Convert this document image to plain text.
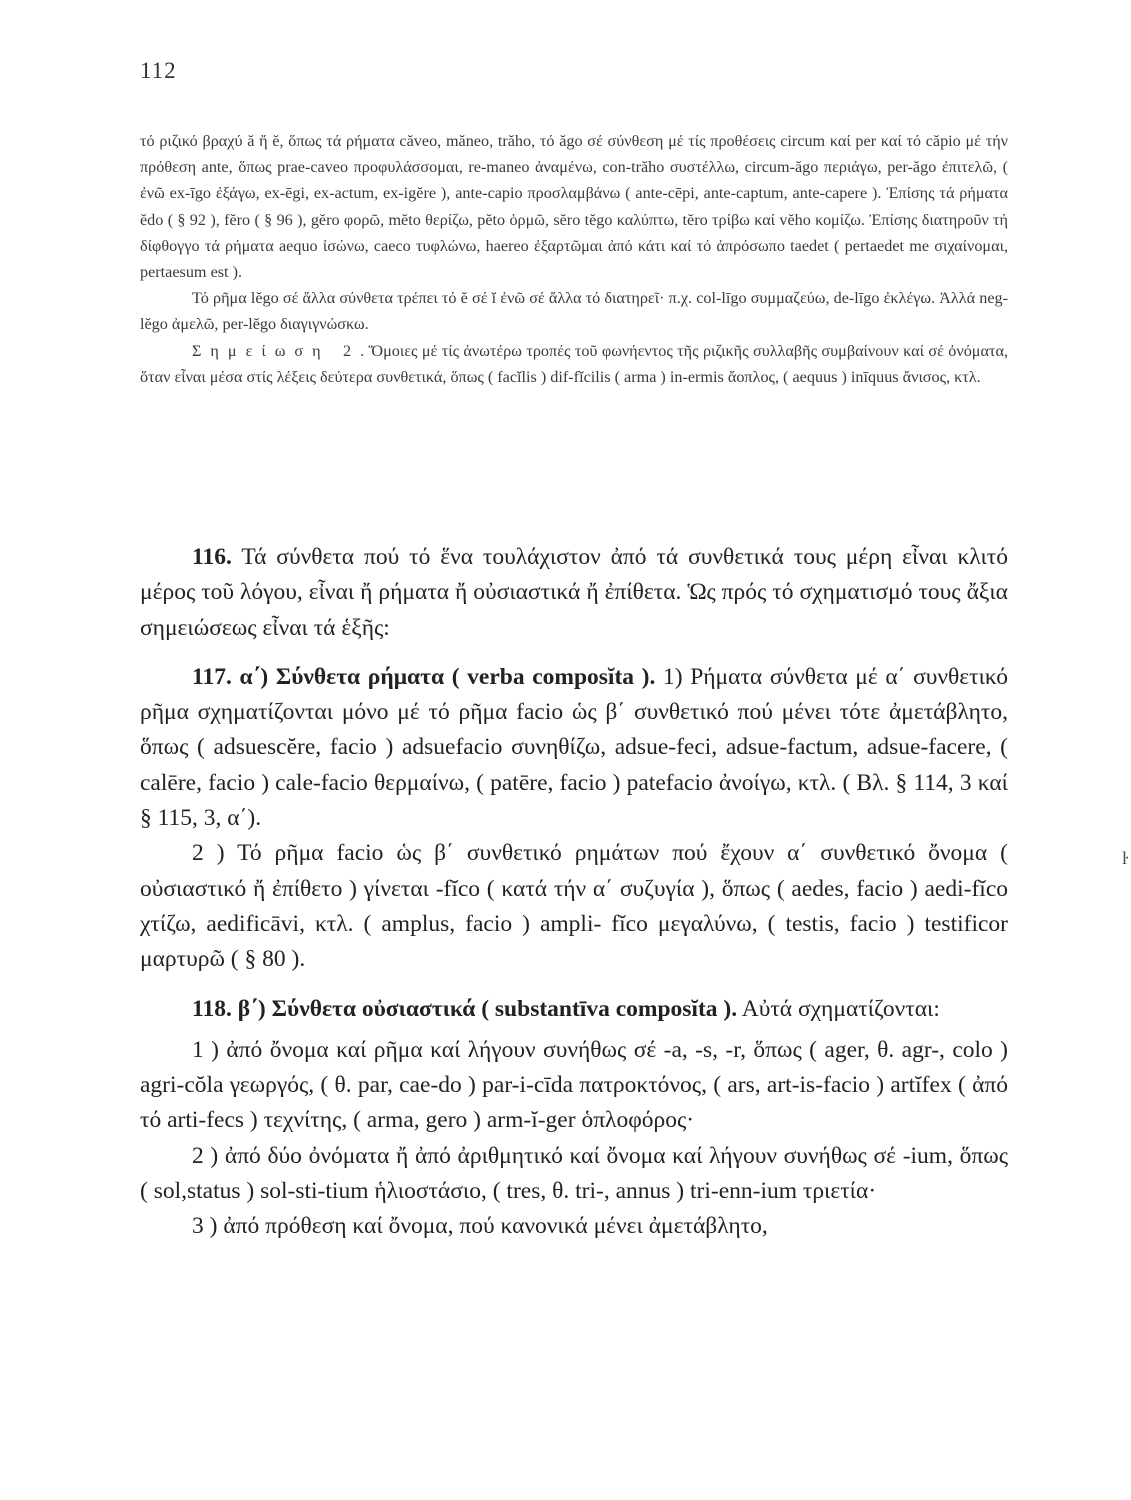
112

τό ριζικό βραχύ ă ἤ ĕ, ὅπως τά ρήματα căveo, măneo, trăho, τό ăgo σέ σύνθεση μέ τίς προθέσεις circum καί per καί τό căpio μέ τήν πρόθεση ante, ὅπως prae-caveo προφυλάσσομαι, re-maneo ἀναμένω, con-trăho συστέλλω, circum-ăgo περιάγω, per-ăgo ἐπιτελῶ, ( ἐνῶ ex-īgo ἐξάγω, ex-ēgi, ex-actum, ex-igĕre ), ante-capio προσλαμβάνω ( ante-cēpi, ante-captum, ante-capere ). Ἐπίσης τά ρήματα ĕdo ( § 92 ), fĕro ( § 96 ), gĕro φορῶ, mĕto θερίζω, pĕto ὁρμῶ, sĕro tĕgo καλύπτω, tĕro τρίβω καί vĕho κομίζω. Ἐπίσης διατηροῦν τή δίφθογγο τά ρήματα aequo ἰσώνω, caeco τυφλώνω, haereo ἐξαρτῶμαι ἀπό κάτι καί τό ἀπρόσωπο taedet ( pertaedet me σιχαίνομαι, pertaesum est ).

Τό ρῆμα lĕgo σέ ἄλλα σύνθετα τρέπει τό ĕ σέ ĭ ἐνῶ σέ ἄλλα τό διατηρεῖ· π.χ. col-līgo συμμαζεύω, de-līgo ἐκλέγω. Ἀλλά neg-lĕgo ἀμελῶ, per-lĕgo διαγιγνώσκω.

Σημείωση 2. Ὅμοιες μέ τίς ἀνωτέρω τροπές τοῦ φωνήεντος τῆς ριζικῆς συλλαβῆς συμβαίνουν καί σέ ὀνόματα, ὅταν εἶναι μέσα στίς λέξεις δεύτερα συνθετικά, ὅπως ( facĭlis ) dif-fĭcilis ( arma ) in-ermis ἄοπλος, ( aequus ) inīquus ἄνισος, κτλ.

116. Τά σύνθετα πού τό ἕνα τουλάχιστον ἀπό τά συνθετικά τους μέρη εἶναι κλιτό μέρος τοῦ λόγου, εἶναι ἤ ρήματα ἤ οὐσιαστικά ἤ ἐπίθετα. Ὡς πρός τό σχηματισμό τους ἄξια σημειώσεως εἶναι τά ἑξῆς:

117. α΄) Σύνθετα ρήματα ( verba composĭta ). 1) Ρήματα σύνθετα μέ α΄ συνθετικό ρῆμα σχηματίζονται μόνο μέ τό ρῆμα facio ὡς β΄ συνθετικό πού μένει τότε ἀμετάβλητο, ὅπως ( adsuescĕre, facio ) adsuefacio συνηθίζω, adsue-feci, adsue-factum, adsue-facere, ( calēre, facio ) cale-facio θερμαίνω, ( patēre, facio ) patefacio ἀνοίγω, κτλ. ( Βλ. § 114, 3 καί § 115, 3, α΄).

2 ) Τό ρῆμα facio ὡς β΄ συνθετικό ρημάτων πού ἔχουν α΄ συνθετικό ὄνομα ( οὐσιαστικό ἤ ἐπίθετο ) γίνεται -fĭco ( κατά τήν α΄ συζυγία ), ὅπως ( aedes, facio ) aedi-fĭco χτίζω, aedificāvi, κτλ. ( amplus, facio ) ampli- fĭco μεγαλύνω, ( testis, facio ) testificor μαρτυρῶ ( § 80 ).

118. β΄) Σύνθετα οὐσιαστικά ( substantīva composĭta ). Αὐτά σχηματίζονται:

1 ) ἀπό ὄνομα καί ρῆμα καί λήγουν συνήθως σέ -a, -s, -r, ὅπως ( ager, θ. agr-, colo ) agri-cŏla γεωργός, ( θ. par, cae-do ) par-i-cīda πατροκτόνος, ( ars, art-is-facio ) artĭfex ( ἀπό τό arti-fecs ) τεχνίτης, ( arma, gero ) arm-ĭ-ger ὁπλοφόρος·

2 ) ἀπό δύο ὀνόματα ἤ ἀπό ἀριθμητικό καί ὄνομα καί λήγουν συνήθως σέ -ium, ὅπως ( sol,status ) sol-sti-tium ἡλιοστάσιο, ( tres, θ. tri-, annus ) tri-enn-ium τριετία·

3 ) ἀπό πρόθεση καί ὄνομα, πού κανονικά μένει ἀμετάβλητο,

ŀ
